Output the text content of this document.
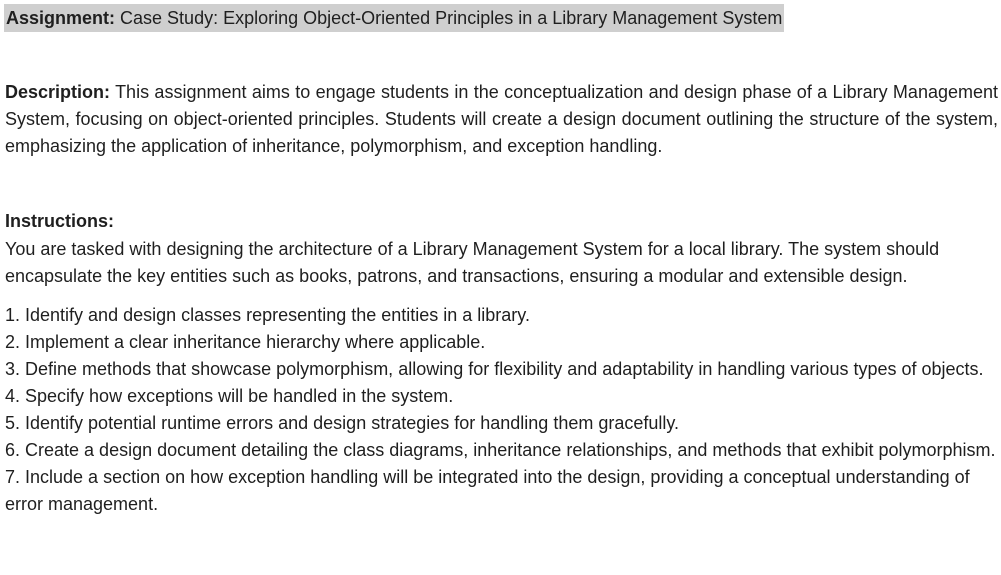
Assignment: Case Study: Exploring Object-Oriented Principles in a Library Management System
Description: This assignment aims to engage students in the conceptualization and design phase of a Library Management System, focusing on object-oriented principles. Students will create a design document outlining the structure of the system, emphasizing the application of inheritance, polymorphism, and exception handling.
Instructions:
You are tasked with designing the architecture of a Library Management System for a local library. The system should encapsulate the key entities such as books, patrons, and transactions, ensuring a modular and extensible design.
1. Identify and design classes representing the entities in a library.
2. Implement a clear inheritance hierarchy where applicable.
3. Define methods that showcase polymorphism, allowing for flexibility and adaptability in handling various types of objects.
4. Specify how exceptions will be handled in the system.
5. Identify potential runtime errors and design strategies for handling them gracefully.
6. Create a design document detailing the class diagrams, inheritance relationships, and methods that exhibit polymorphism.
7. Include a section on how exception handling will be integrated into the design, providing a conceptual understanding of error management.
